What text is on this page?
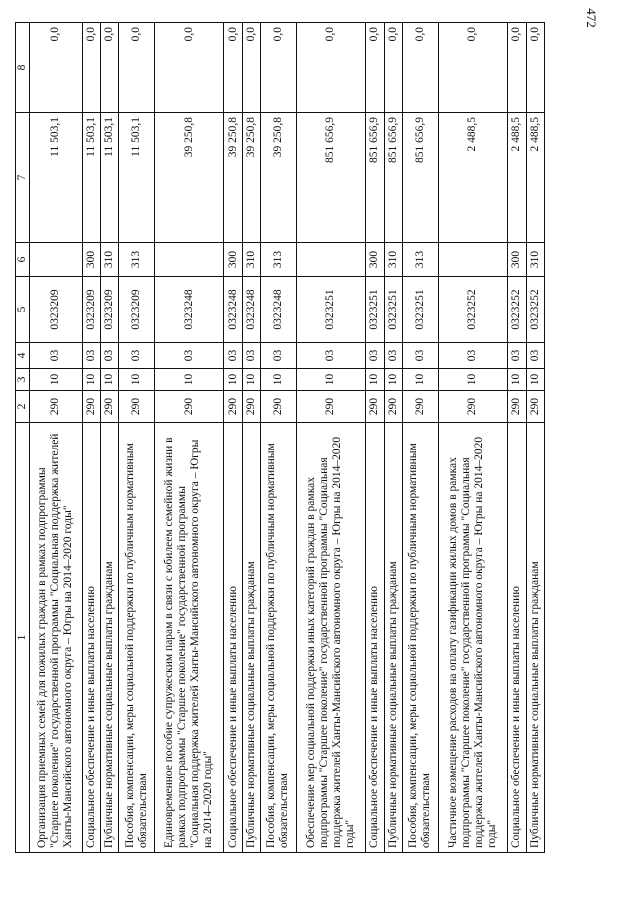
472
1	2	3	4	5	6	7	8
Организация приемных семей для пожилых граждан в рамках подпрограммы "Старшее поколение" государственной программы "Социальная поддержка жителей Ханты-Мансийского автономного округа – Югры на 2014–2020 годы"	290	10	03	0323209		11 503,1	0,0
Социальное обеспечение и иные выплаты населению	290	10	03	0323209	300	11 503,1	0,0
Публичные нормативные социальные выплаты гражданам	290	10	03	0323209	310	11 503,1	0,0
Пособия, компенсации, меры социальной поддержки по публичным нормативным обязательствам	290	10	03	0323209	313	11 503,1	0,0
Единовременное пособие супружеским парам в связи с юбилеем семейной жизни в рамках подпрограммы "Старшее поколение" государственной программы "Социальная поддержка жителей Ханты-Мансийского автономного округа – Югры на 2014–2020 годы"	290	10	03	0323248		39 250,8	0,0
Социальное обеспечение и иные выплаты населению	290	10	03	0323248	300	39 250,8	0,0
Публичные нормативные социальные выплаты гражданам	290	10	03	0323248	310	39 250,8	0,0
Пособия, компенсации, меры социальной поддержки по публичным нормативным обязательствам	290	10	03	0323248	313	39 250,8	0,0
Обеспечение мер социальной поддержки иных категорий граждан в рамках подпрограммы "Старшее поколение" государственной программы "Социальная поддержка жителей Ханты-Мансийского автономного округа – Югры на 2014–2020 годы"	290	10	03	0323251		851 656,9	0,0
Социальное обеспечение и иные выплаты населению	290	10	03	0323251	300	851 656,9	0,0
Публичные нормативные социальные выплаты гражданам	290	10	03	0323251	310	851 656,9	0,0
Пособия, компенсации, меры социальной поддержки по публичным нормативным обязательствам	290	10	03	0323251	313	851 656,9	0,0
Частичное возмещение расходов на оплату газификации жилых домов в рамках подпрограммы "Старшее поколение" государственной программы "Социальная поддержка жителей Ханты-Мансийского автономного округа – Югры на 2014–2020 годы"	290	10	03	0323252		2 488,5	0,0
Социальное обеспечение и иные выплаты населению	290	10	03	0323252	300	2 488,5	0,0
Публичные нормативные социальные выплаты гражданам	290	10	03	0323252	310	2 488,5	0,0
